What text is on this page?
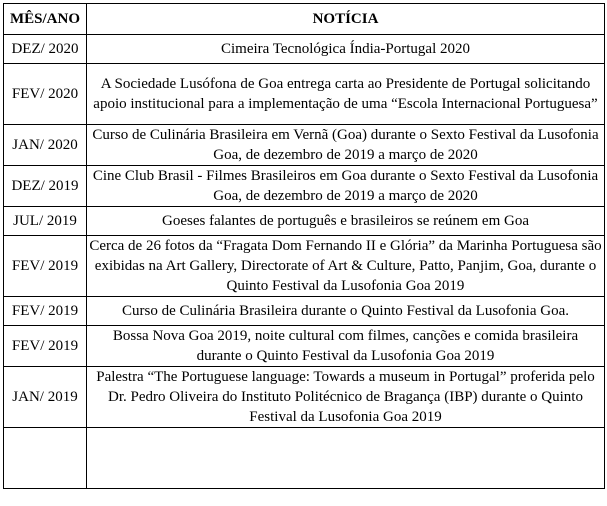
MÊS/ANO	NOTÍCIA
DEZ/ 2020	Cimeira Tecnológica Índia-Portugal 2020
FEV/ 2020	A Sociedade Lusófona de Goa entrega carta ao Presidente de Portugal solicitando apoio institucional para a implementação de uma “Escola Internacional Portuguesa”
JAN/ 2020	Curso de Culinária Brasileira em Vernã (Goa) durante o Sexto Festival da Lusofonia Goa, de dezembro de 2019 a março de 2020
DEZ/ 2019	Cine Club Brasil - Filmes Brasileiros em Goa durante o Sexto Festival da Lusofonia Goa, de dezembro de 2019 a março de 2020
JUL/ 2019	Goeses falantes de português e brasileiros se reúnem em Goa
FEV/ 2019	Cerca de 26 fotos da “Fragata Dom Fernando II e Glória” da Marinha Portuguesa são exibidas na Art Gallery, Directorate of Art & Culture, Patto, Panjim, Goa, durante o Quinto Festival da Lusofonia Goa 2019
FEV/ 2019	Curso de Culinária Brasileira durante o Quinto Festival da Lusofonia Goa.
FEV/ 2019	Bossa Nova Goa 2019, noite cultural com filmes, canções e comida brasileira durante o Quinto Festival da Lusofonia Goa 2019
JAN/ 2019	Palestra “The Portuguese language: Towards a museum in Portugal” proferida pelo Dr. Pedro Oliveira do Instituto Politécnico de Bragança (IBP) durante o Quinto Festival da Lusofonia Goa 2019
